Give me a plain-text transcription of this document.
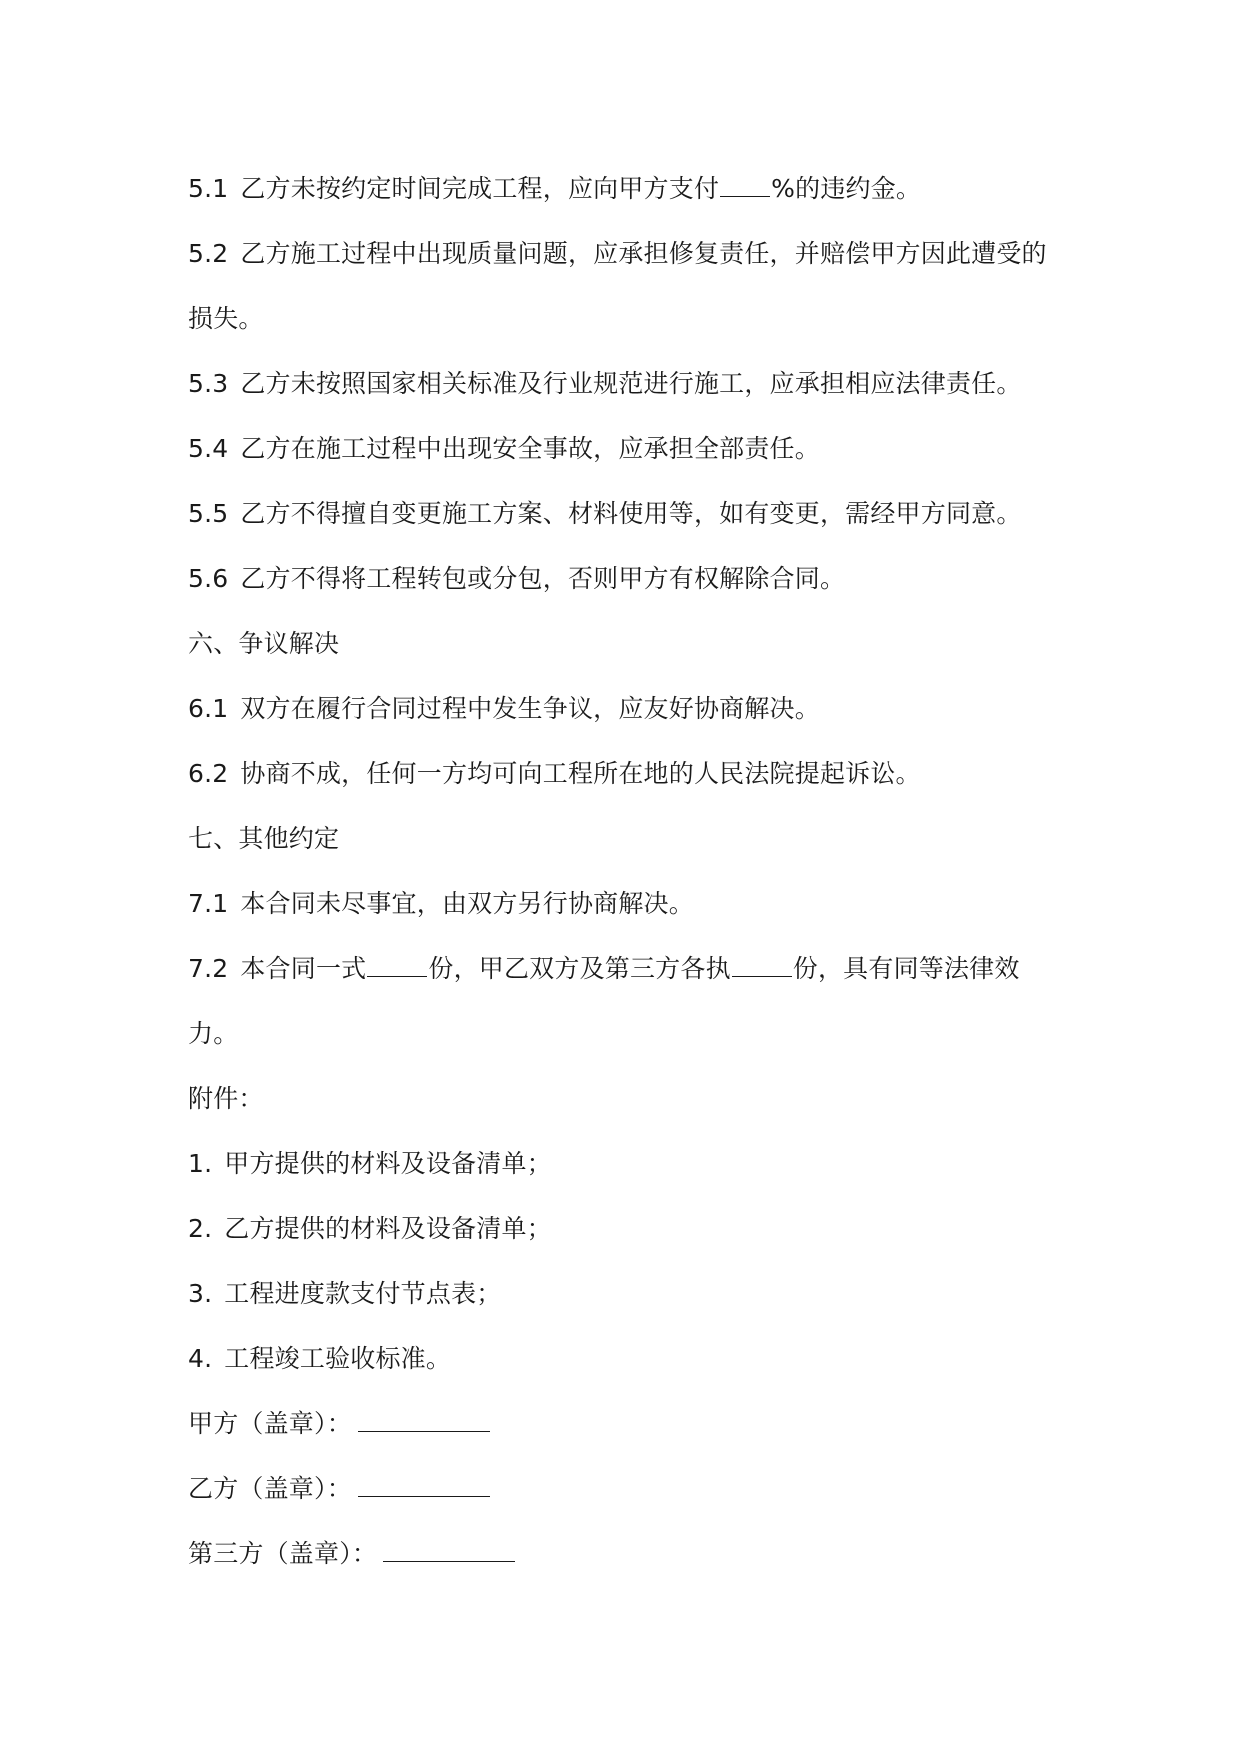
5.1 乙方未按约定时间完成工程，应向甲方支付 %的违约金。
5.2 乙方施工过程中出现质量问题，应承担修复责任，并赔偿甲方因此遭受的
损失。
5.3 乙方未按照国家相关标准及行业规范进行施工，应承担相应法律责任。
5.4 乙方在施工过程中出现安全事故，应承担全部责任。
5.5 乙方不得擅自变更施工方案、材料使用等，如有变更，需经甲方同意。
5.6 乙方不得将工程转包或分包，否则甲方有权解除合同。
六、争议解决
6.1 双方在履行合同过程中发生争议，应友好协商解决。
6.2 协商不成，任何一方均可向工程所在地的人民法院提起诉讼。
七、其他约定
7.1 本合同未尽事宜，由双方另行协商解决。
7.2 本合同一式 份，甲乙双方及第三方各执 份，具有同等法律效
力。
附件：
1. 甲方提供的材料及设备清单；
2. 乙方提供的材料及设备清单；
3. 工程进度款支付节点表；
4. 工程竣工验收标准。
甲方（盖章）：
乙方（盖章）：
第三方（盖章）：
